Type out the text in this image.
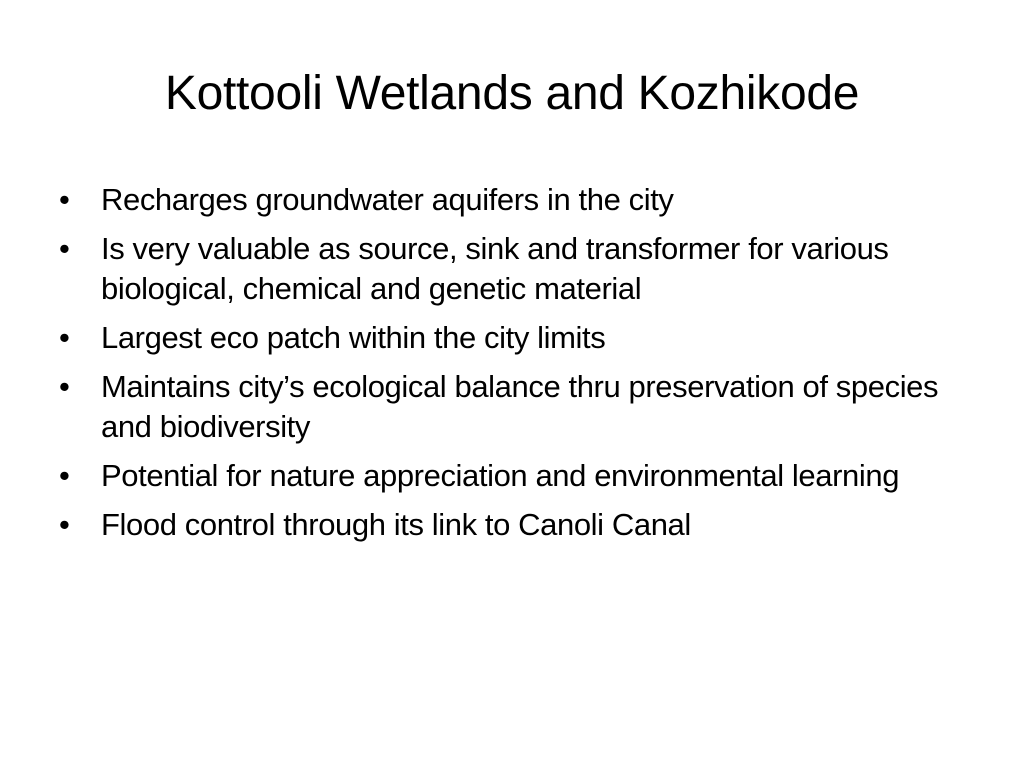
Kottooli Wetlands and Kozhikode
• Recharges groundwater aquifers in the city
• Is very valuable as source, sink and transformer for various biological, chemical and genetic material
• Largest eco patch within the city limits
• Maintains city’s ecological balance thru preservation of species and biodiversity
• Potential for nature appreciation and environmental learning
• Flood control through its link to Canoli Canal
